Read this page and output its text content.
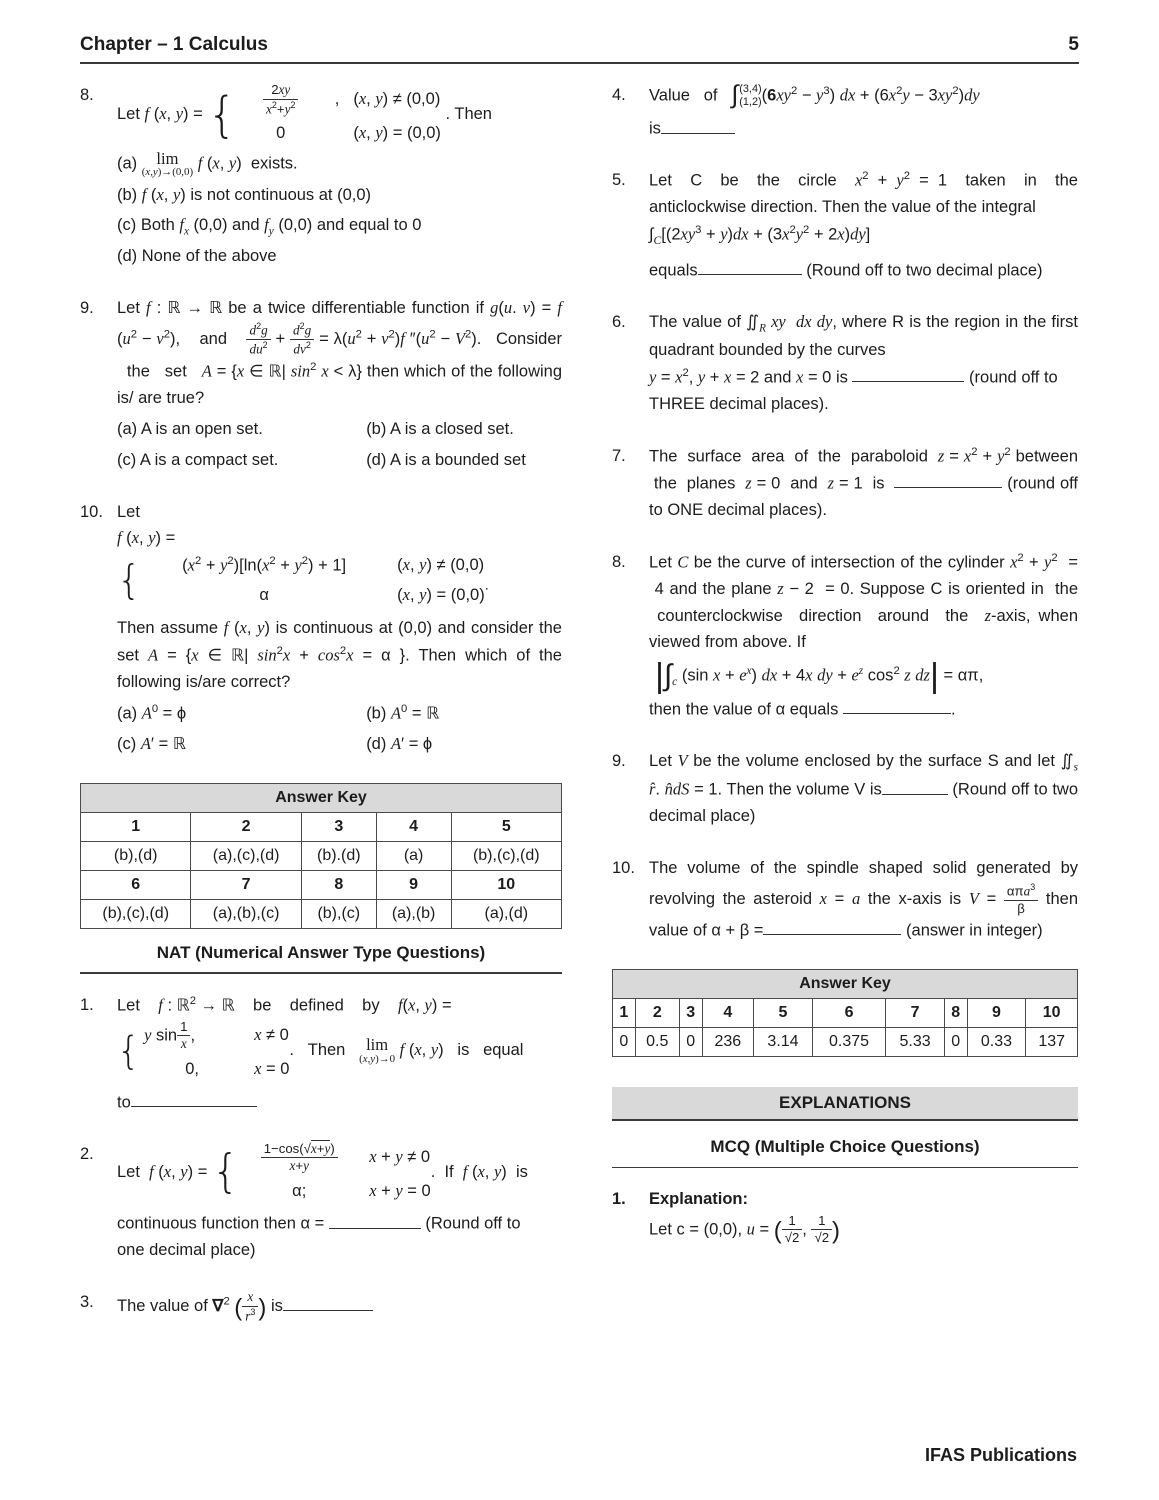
Chapter – 1 Calculus	5
8.
Let f (x, y) = { $\frac{2xy}{x^2+y^2}$ , (x, y) ≠ (0,0)
0
	(x, y) = (0,0)
. Then
(a) lim
(x,y)→(0,0) f (x, y)  exists.
(b) f (x, y) is not continuous at (0,0)
(c) Both $f_x$ (0,0) and $f_y$ (0,0) and equal to 0
(d) None of the above
9.	Let f : ℝ → ℝ be a twice differentiable function if g(u. v) = f $(u^2 - v^2)$,    and $\frac{d^2g}{du^2} + \frac{d^2g}{dv^2} = \lambda(u^2 + v^2)f$ $''(u^2 - V^2)$.   Consider   the   set   A = {x ∈ ℝ| $\sin^2 x < \lambda$} then which of the following is/ are true?
(a) A is an open set.	(b) A is a closed set.
(c) A is a compact set.	(d) A is a bounded set
10. Let
f (x, y) =
{	$(x^2 + y^2)[\ln(x^2 + y^2) + 1]$	(x, y) ≠ (0,0)
α	(x, y) = (0,0)˙
Then assume f (x, y) is continuous at (0,0) and consider the set A = {x ∈ ℝ| $\sin^2x + \cos^2x = \alpha$ }. Then which of the following is/are correct?
(a) $A^0 = \phi$	(b) $A^0$ = ℝ
(c) A′ = ℝ	(d) A′ = ϕ
Answer Key				
1	2	3	4	5
(b),(d)	(a),(c),(d)	(b).(d)	(a)	(b),(c),(d)
6	7	8	9	10
(b),(c),(d)	(a),(b),(c)	(b),(c)	(a),(b)	(a),(d)
NAT (Numerical Answer Type Questions)
1.	Let    f : ℝ$^2$ → ℝ    be    defined    by    f(x, y) =
{ y $\sin \frac{1}{x}$ ,	x ≠ 0
0,	x = 0
.   Then lim
(x,y)→0 f (x, y)   is   equal
to
2.
Let  f (x, y) = { $\frac{1-\cos(√x+y)}{x+y}$ x + y ≠ 0
α;	x + y = 0
.  If  f (x, y)  is
continuous function then α =	(Round off to
one decimal place)
3.	The value of ∇$^2$ ( $\frac{x}{r^3}$ ) is
4.	Value   of ∫ (3,4)
(1,2) $(6xy^2 - y^3)$ dx + $(6x^2y - 3xy^2)dy$
is
5.	Let  C  be  the  circle  $x^2 + y^2 = 1$  taken  in  the anticlockwise direction. Then the value of the integral
$\int_C[(2xy^3 + y)dx + (3x^2y^2 + 2x)dy]$
equals	(Round off to two decimal place)
6.	The value of $∬_R$ xy dx dy, where R is the region in the first quadrant bounded by the curves
$y = x^2$, y + x = 2 and x = 0 is	(round off to
THREE decimal places).
7.	The  surface  area  of  the  paraboloid  $z = x^2 + y^2$ between  the  planes  z = 0  and  z = 1  is	(round off to ONE decimal places).
8.	Let C be the curve of intersection of the cylinder $x^2 + y^2 = 4$ and the plane z − 2  = 0. Suppose C is oriented in  the  counterclockwise  direction  around  the  z-axis, when viewed from above. If
$|\int_c$ (sin $x + e^x$) dx + 4x dy + $e^z$ $\cos^2 z$ dz| = απ,
then the value of α equals	.
9.	Let V be the volume enclosed by the surface S and let $∬_s$ r̂. n̂dS = 1. Then the volume V is	(Round off to two decimal place)
10. The volume of the spindle shaped solid generated by revolving the asteroid x = a the x-axis is $V = \frac{\alpha\pi a^3}{\beta}$ then value of α + β =	(answer in integer)
Answer Key									
1	2	3	4	5	6	7	8	9	10
0	0.5	0	236	3.14	0.375	5.33	0	0.33	137
EXPLANATIONS
MCQ (Multiple Choice Questions)
1.	Explanation:
Let c = (0,0), u = ( $\frac{1}{√2}$ , $\frac{1}{√2}$ )
IFAS Publications
